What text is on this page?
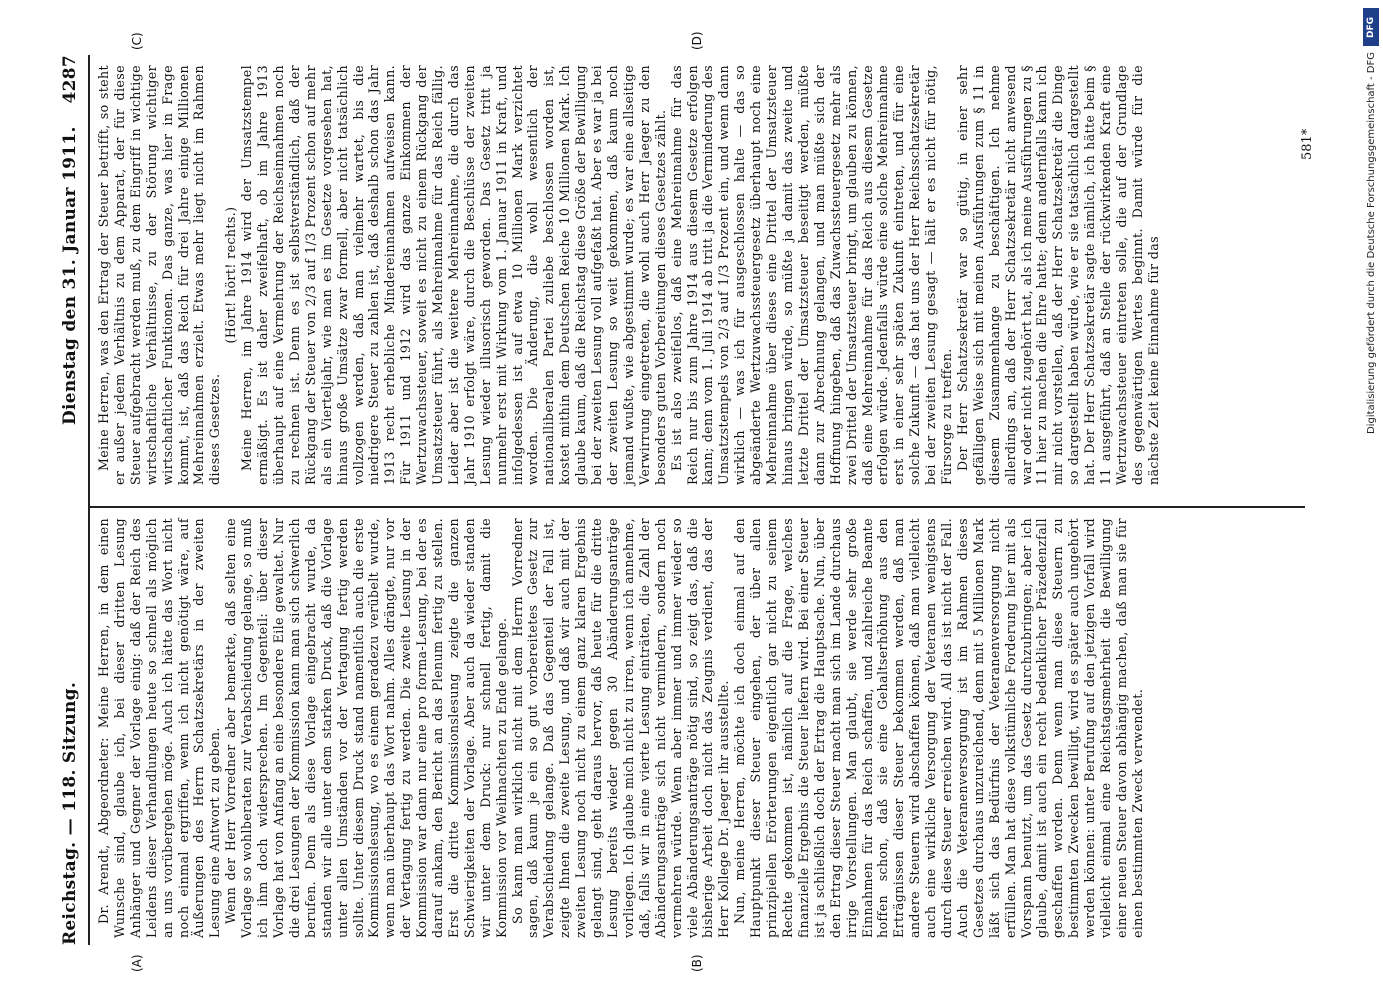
Reichstag. — 118. Sitzung.
Dienstag den 31. Januar 1911.
4287
(A)	(B)
(C)	(D)

Dr. Arendt, Abgeordneter: Meine Herren, in dem einen Wunsche sind, glaube ich, bei dieser dritten Lesung Anhänger und Gegner der Vorlage einig: daß der Reich des Leidens dieser Verhandlungen heute so schnell als möglich an uns vorübergehen möge. Auch ich hätte das Wort nicht noch einmal ergriffen, wenn ich nicht genötigt wäre, auf Äußerungen des Herrn Schatzsekretärs in der zweiten Lesung eine Antwort zu geben. Wenn der Herr Vorredner aber bemerkte, daß selten eine Vorlage so wohlberaten zur Verabschiedung gelange, so muß ich ihm doch widersprechen. Im Gegenteil: über dieser Vorlage hat von Anfang an eine besondere Eile gewaltet. Nur die drei Lesungen der Kommission kann man sich schwerlich berufen. Denn als diese Vorlage eingebracht wurde, da standen wir alle unter dem starken Druck, daß die Vorlage unter allen Umständen vor der Vertagung fertig werden sollte. Unter diesem Druck stand namentlich auch die erste Kommissionslesung, wo es einem geradezu verübelt wurde, wenn man überhaupt das Wort nahm. Alles drängte, nur vor der Vertagung fertig zu werden. Die zweite Lesung in der Kommission war dann nur eine pro forma-Lesung, bei der es darauf ankam, den Bericht an das Plenum fertig zu stellen. Erst die dritte Kommissionslesung zeigte die ganzen Schwierigkeiten der Vorlage. Aber auch da wieder standen wir unter dem Druck: nur schnell fertig, damit die Kommission vor Weihnachten zu Ende gelange. So kann man wirklich nicht mit dem Herrn Vorredner sagen, daß kaum je ein so gut vorbereitetes Gesetz zur Verabschiedung gelange. Daß das Gegenteil der Fall ist, zeigte Ihnen die zweite Lesung, und daß wir auch mit der zweiten Lesung noch nicht zu einem ganz klaren Ergebnis gelangt sind, geht daraus hervor, daß heute für die dritte Lesung bereits wieder gegen 30 Abänderungsanträge vorliegen. Ich glaube mich nicht zu irren, wenn ich annehme, daß, falls wir in eine vierte Lesung einträten, die Zahl der Abänderungsanträge sich nicht vermindern, sondern noch vermehren würde. Wenn aber immer und immer wieder so viele Abänderungsanträge nötig sind, so zeigt das, daß die bisherige Arbeit doch nicht das Zeugnis verdient, das der Herr Kollege Dr. Jaeger ihr ausstellte. Nun, meine Herren, möchte ich doch einmal auf den Hauptpunkt dieser Steuer eingehen, der über allen prinzipiellen Erörterungen eigentlich gar nicht zu seinem Rechte gekommen ist, nämlich auf die Frage, welches finanzielle Ergebnis die Steuer liefern wird. Bei einer Steuer ist ja schließlich doch der Ertrag die Hauptsache. Nun, über den Ertrag dieser Steuer macht man sich im Lande durchaus irrige Vorstellungen. Man glaubt, sie werde sehr große Einnahmen für das Reich schaffen, und zahlreiche Beamte hoffen schon, daß sie eine Gehaltserhöhung aus den Erträgnissen dieser Steuer bekommen werden, daß man andere Steuern wird abschaffen können, daß man vielleicht auch eine wirkliche Versorgung der Veteranen wenigstens durch diese Steuer erreichen wird. All das ist nicht der Fall. Auch die Veteranenversorgung ist im Rahmen dieses Gesetzes durchaus unzureichend, denn mit 5 Millionen Mark läßt sich das Bedürfnis der Veteranenversorgung nicht erfüllen. Man hat diese volkstümliche Forderung hier mit als Vorspann benutzt, um das Gesetz durchzubringen; aber ich glaube, damit ist auch ein recht bedenklicher Präzedenzfall geschaffen worden. Denn wenn man diese Steuern zu bestimmten Zwecken bewilligt, wird es später auch ungehört werden können: unter Berufung auf den jetzigen Vorfall wird vielleicht einmal eine Reichstagsmehrheit die Bewilligung einer neuen Steuer davon abhängig machen, daß man sie für einen bestimmten Zweck verwendet.

Meine Herren, was den Ertrag der Steuer betrifft, so steht er außer jedem Verhältnis zu dem Apparat, der für diese Steuer aufgebracht werden muß, zu dem Eingriff in wichtige wirtschaftliche Verhältnisse, zu der Störung wichtiger wirtschaftlicher Funktionen. Das ganze, was hier in Frage kommt, ist, daß das Reich für drei Jahre einige Millionen Mehreinnahmen erzielt. Etwas mehr liegt nicht im Rahmen dieses Gesetzes.

(Hört! hört! rechts.) Meine Herren, im Jahre 1914 wird der Umsatzstempel ermäßigt. Es ist daher zweifelhaft, ob im Jahre 1913 überhaupt auf eine Vermehrung der Reichseinnahmen noch zu rechnen ist. Denn es ist selbstverständlich, daß der Rückgang der Steuer von 2/3 auf 1/3 Prozent schon auf mehr als ein Vierteljahr, wie man es im Gesetze vorgesehen hat, hinaus große Umsätze zwar formell, aber nicht tatsächlich vollzogen werden, daß man vielmehr wartet, bis die niedrigere Steuer zu zahlen ist, daß deshalb schon das Jahr 1913 recht erhebliche Mindereinnahmen aufweisen kann. Für 1911 und 1912 wird das ganze Einkommen der Wertzuwachssteuer, soweit es nicht zu einem Rückgang der Umsatzsteuer führt, als Mehreinnahme für das Reich fällig. Leider aber ist die weitere Mehreinnahme, die durch das Jahr 1910 erfolgt wäre, durch die Beschlüsse der zweiten Lesung wieder illusorisch geworden. Das Gesetz tritt ja nunmehr erst mit Wirkung vom 1. Januar 1911 in Kraft, und infolgedessen ist auf etwa 10 Millionen Mark verzichtet worden. Die Änderung, die wohl wesentlich der nationalliberalen Partei zuliebe beschlossen worden ist, kostet mithin dem Deutschen Reiche 10 Millionen Mark. Ich glaube kaum, daß die Reichstag diese Größe der Bewilligung bei der zweiten Lesung voll aufgefaßt hat. Aber es war ja bei der zweiten Lesung so weit gekommen, daß kaum noch jemand wußte, wie abgestimmt wurde; es war eine allseitige Verwirrung eingetreten, die wohl auch Herr Jaeger zu den besonders guten Vorbereitungen dieses Gesetzes zählt. Es ist also zweifellos, daß eine Mehreinnahme für das Reich nur bis zum Jahre 1914 aus diesem Gesetze erfolgen kann; denn vom 1. Juli 1914 ab tritt ja die Verminderung des Umsatzstempels von 2/3 auf 1/3 Prozent ein, und wenn dann wirklich — was ich für ausgeschlossen halte — das so abgeänderte Wertzuwachssteuergesetz überhaupt noch eine Mehreinnahme über dieses eine Drittel der Umsatzsteuer hinaus bringen würde, so müßte ja damit das zweite und letzte Drittel der Umsatzsteuer beseitigt werden, müßte dann zur Abrechnung gelangen, und man müßte sich der Hoffnung hingeben, daß das Zuwachssteuergesetz mehr als zwei Drittel der Umsatzsteuer bringt, um glauben zu können, daß eine Mehreinnahme für das Reich aus diesem Gesetze erfolgen würde. Jedenfalls würde eine solche Mehreinnahme erst in einer sehr späten Zukunft eintreten, und für eine solche Zukunft — das hat uns der Herr Reichsschatzsekretär bei der zweiten Lesung gesagt — hält er es nicht für nötig, Fürsorge zu treffen. Der Herr Schatzsekretär war so gütig, in einer sehr gefälligen Weise sich mit meinen Ausführungen zum § 11 in diesem Zusammenhange zu beschäftigen. Ich nehme allerdings an, daß der Herr Schatzsekretär nicht anwesend war oder nicht zugehört hat, als ich meine Ausführungen zu § 11 hier zu machen die Ehre hatte; denn andernfalls kann ich mir nicht vorstellen, daß der Herr Schatzsekretär die Dinge so dargestellt haben würde, wie er sie tatsächlich dargestellt hat. Der Herr Schatzsekretär sagte nämlich, ich hätte beim § 11 ausgeführt, daß an Stelle der rückwirkenden Kraft eine Wertzuwachssteuer eintreten solle, die auf der Grundlage des gegenwärtigen Wertes beginnt. Damit würde für die nächste Zeit keine Einnahme für das

581*
DFG
Digitalisierung gefördert durch die Deutsche Forschungsgemeinschaft - DFG
